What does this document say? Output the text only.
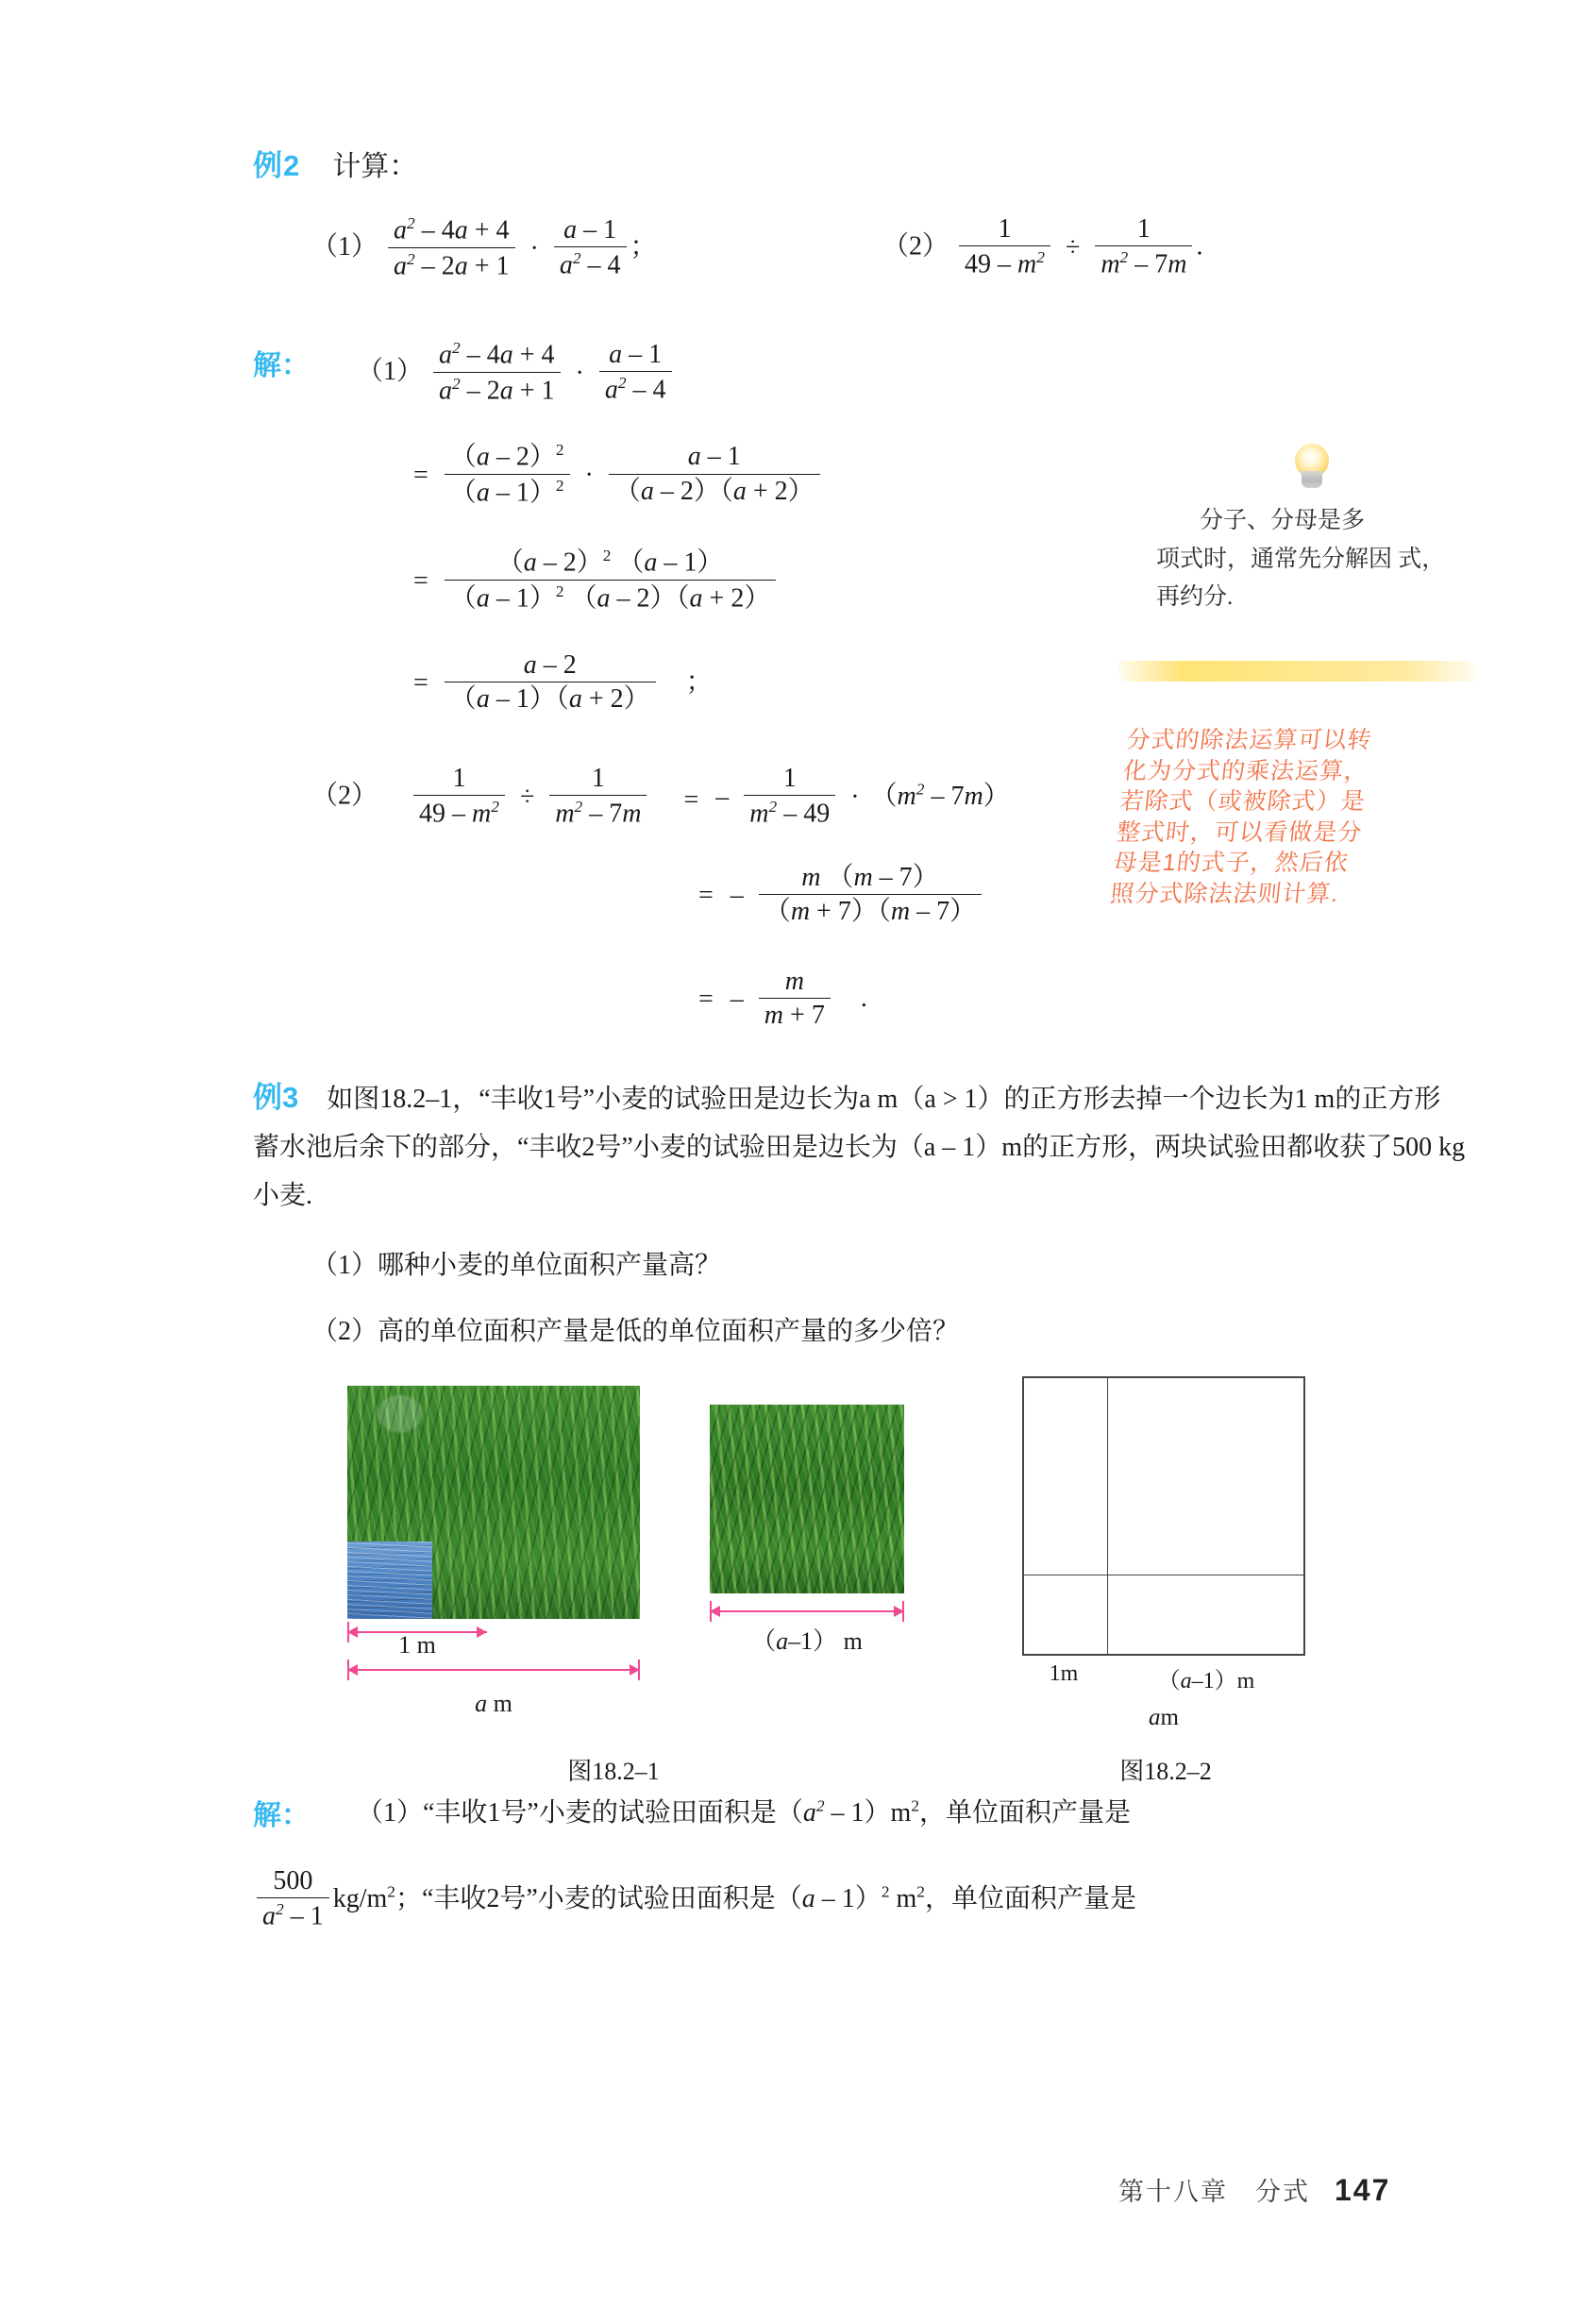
例2 计算：
$(1) \frac{a^2 - 4a + 4}{a^2 - 2a + 1} \cdot \frac{a - 1}{a^2 - 4}$ ；	$(2) \frac{1}{49 - m^2} \div \frac{1}{m^2 - 7m}$ .
解： $(1) \frac{a^2 - 4a + 4}{a^2 - 2a + 1} \cdot \frac{a - 1}{a^2 - 4}$
= $\frac{(a - 2)^2}{(a - 1)^2} \cdot \frac{a - 1}{(a - 2)(a + 2)}$
= $\frac{(a - 2)^2 (a - 1)}{(a - 1)^2 (a - 2)(a + 2)}$
= $\frac{a - 2}{(a - 1)(a + 2)}$ 　；
分子、分母是多
项式时，通常先分解因 式，再约分.
分式的除法运算可以转
化为分式的乘法运算，
若除式（或被除式）是
整式时，可以看做是分
母是1的式子，然后依
照分式除法法则计算.
$(2) \frac{1}{49 - m^2} \div \frac{1}{m^2 - 7m}$ 　= – $\frac{1}{m^2 - 49} \cdot (m^2 - 7m)$
= – $\frac{m (m - 7)}{(m + 7)(m - 7)}$
= – $\frac{m}{m + 7}$ 　.
例3 如图18.2–1，“丰收1号”小麦的试验田是边长为a m（a > 1）的正方形去掉一个边长为1 m的正方形蓄水池后余下的部分，“丰收2号”小麦的试验田是边长为（a – 1）m的正方形，两块试验田都收获了500 kg小麦.
（1）哪种小麦的单位面积产量高？
（2）高的单位面积产量是低的单位面积产量的多少倍？
1 m
a m
（a–1） m
1m	（a–1）m
am
图18.2–1	图18.2–2
解： （1）“丰收1号”小麦的试验田面积是$(a^2 - 1)m^2$，单位面积产量是
$\frac{500}{a^2 - 1} kg/m^2$；“丰收2号”小麦的试验田面积是（a – 1）$^2$ $m^2$，单位面积产量是
第十八章　分式 147
